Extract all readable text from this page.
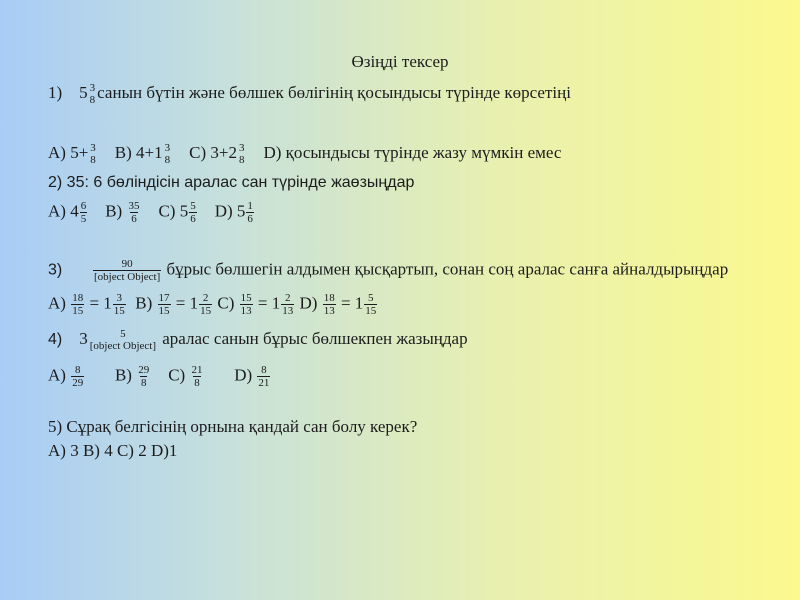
Өзіңді тексер
1) 5 3
8 санын бүтін және бөлшек бөлігінің қосындысы түрінде көрсетіңі
A) 5+ 3
8 B) 4+1 3
8 C) 3+2 3
8 D) қосындысы түрінде жазу мүмкін емес
2) 35: 6 бөліндісін аралас сан түрінде жаөзыңдар
A) $4 \frac{6}{5} B) \frac{35}{6} C$) $5 \frac{5}{6} D$) $5 \frac{1}{6}$
3)	90
[object Object] бұрыс бөлшегін алдымен қысқартып, сонан соң аралас санға айналдырыңдар
$A) \frac{18}{15} = 1 \frac{3}{15} B) \frac{17}{15} = 1 \frac{2}{15} C) \frac{15}{13} = 1 \frac{2}{13} D) \frac{18}{13} = 1 \frac{5}{15}$
4) 3	5
[object Object] аралас санын бұрыс бөлшекпен жазыңдар
$A) \frac{8}{29} B) \frac{29}{8} C) \frac{21}{8} D) \frac{8}{21}$
5) Сұрақ белгісінің орнына қандай сан болу керек?
A) 3 B) 4 C) 2 D)1
